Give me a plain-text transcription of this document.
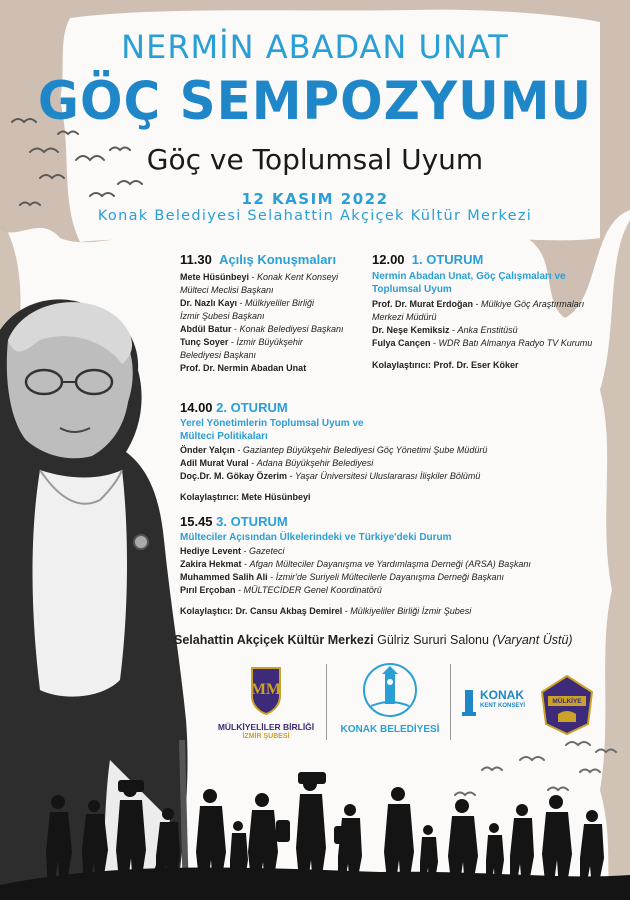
NERMİN ABADAN UNAT
GÖÇ SEMPOZYUMU
Göç ve Toplumsal Uyum
12 KASIM 2022
Konak Belediyesi Selahattin Akçiçek Kültür Merkezi
11.30 Açılış Konuşmaları
Mete Hüsünbeyi - Konak Kent Konseyi
Mülteci Meclisi Başkanı
Dr. Nazlı Kayı - Mülkiyeliler Birliği
İzmir Şubesi Başkanı
Abdül Batur - Konak Belediyesi Başkanı
Tunç Soyer - İzmir Büyükşehir
Belediyesi Başkanı
Prof. Dr. Nermin Abadan Unat
12.00 1. OTURUM
Nermin Abadan Unat, Göç Çalışmaları ve
Toplumsal Uyum
Prof. Dr. Murat Erdoğan - Mülkiye Göç Araştırmaları
Merkezi Müdürü
Dr. Neşe Kemiksiz - Anka Enstitüsü
Fulya Cançen - WDR Batı Almanya Radyo TV Kurumu
Kolaylaştırıcı: Prof. Dr. Eser Köker
14.00 2. OTURUM
Yerel Yönetimlerin Toplumsal Uyum ve
Mülteci Politikaları
Önder Yalçın - Gaziantep Büyükşehir Belediyesi Göç Yönetimi Şube Müdürü
Adil Murat Vural - Adana Büyükşehir Belediyesi
Doç.Dr. M. Gökay Özerim - Yaşar Üniversitesi Uluslararası İlişkiler Bölümü
Kolaylaştırıcı: Mete Hüsünbeyi
15.45 3. OTURUM
Mülteciler Açısından Ülkelerindeki ve Türkiye'deki Durum
Hediye Levent - Gazeteci
Zakira Hekmat - Afgan Mülteciler Dayanışma ve Yardımlaşma Derneği (ARSA) Başkanı
Muhammed Salih Ali - İzmir'de Suriyeli Mültecilerle Dayanışma Derneği Başkanı
Pırıl Erçoban - MÜLTECİDER Genel Koordinatörü
Kolaylaştıcı: Dr. Cansu Akbaş Demirel - Mülkiyeliler Birliği İzmir Şubesi
Selahattin Akçiçek Kültür Merkezi Gülriz Sururi Salonu (Varyant Üstü)
MM
MÜLKİYELİLER BİRLİĞİ
İZMİR ŞUBESİ
KONAK BELEDİYESİ
KONAK
KENT KONSEYİ
MÜLKİYE
